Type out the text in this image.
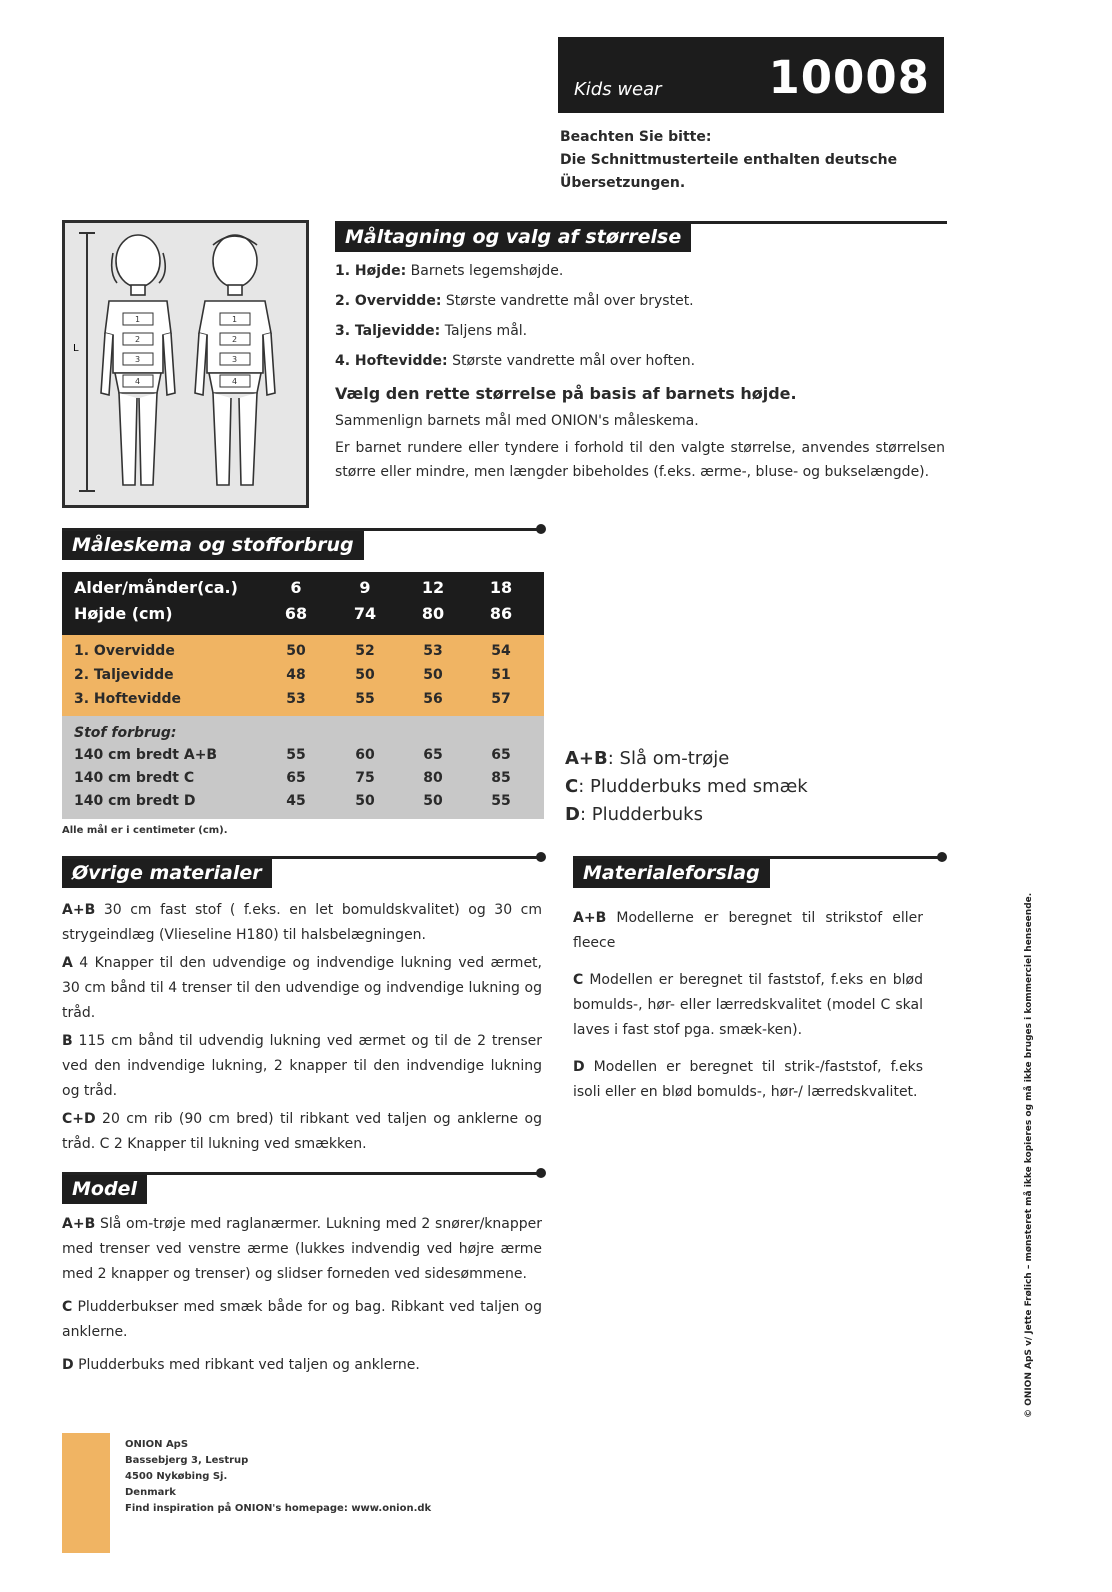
Kids wear 10008
Beachten Sie bitte:
Die Schnittmusterteile enthalten deutsche
Übersetzungen.
L
1
2
3
4
1
2
3
4
Måltagning og valg af størrelse
1. Højde: Barnets legemshøjde.
2. Overvidde: Største vandrette mål over brystet.
3. Taljevidde: Taljens mål.
4. Hoftevidde: Største vandrette mål over hoften.
Vælg den rette størrelse på basis af barnets højde.
Sammenlign barnets mål med ONION's måleskema.
Er barnet rundere eller tyndere i forhold til den valgte størrelse, anvendes størrelsen større eller mindre, men længder bibeholdes (f.eks. ærme-, bluse- og bukselængde).
Måleskema og stofforbrug
Alder/månder(ca.)	6	9	12	18
Højde (cm)	68	74	80	86
1. Overvidde	50	52	53	54
2. Taljevidde	48	50	50	51
3. Hoftevidde	53	55	56	57
Stof forbrug:
140 cm bredt A+B	55	60	65	65
140 cm bredt C	65	75	80	85
140 cm bredt D	45	50	50	55
Alle mål er i centimeter (cm).
A+B: Slå om-trøje
C: Pludderbuks med smæk
D: Pludderbuks
Øvrige materialer

A+B 30 cm fast stof ( f.eks. en let bomuldskvalitet) og 30 cm strygeindlæg (Vlieseline H180) til halsbelægningen.

A 4 Knapper til den udvendige og indvendige lukning ved ærmet, 30 cm bånd til 4 trenser til den udvendige og indvendige lukning og tråd.

B 115 cm bånd til udvendig lukning ved ærmet og til de 2 trenser ved den indvendige lukning, 2 knapper til den indvendige lukning og tråd.

C+D 20 cm rib (90 cm bred) til ribkant ved taljen og anklerne og tråd. C 2 Knapper til lukning ved smækken.

Materialeforslag

A+B Modellerne er beregnet til strikstof eller fleece

C Modellen er beregnet til faststof, f.eks en blød bomulds-, hør- eller lærredskvalitet (model C skal laves i fast stof pga. smæk-ken).

D Modellen er beregnet til strik-/faststof, f.eks isoli eller en blød bomulds-, hør-/ lærredskvalitet.

Model

A+B Slå om-trøje med raglanærmer. Lukning med 2 snører/knapper med trenser ved venstre ærme (lukkes indvendig ved højre ærme med 2 knapper og trenser) og slidser forneden ved sidesømmene.

C Pludderbukser med smæk både for og bag. Ribkant ved taljen og anklerne.

D Pludderbuks med ribkant ved taljen og anklerne.

ONION ApS
Bassebjerg 3, Lestrup
4500 Nykøbing Sj.
Denmark
Find inspiration på ONION's homepage: www.onion.dk
© ONION ApS v/ Jette Frølich – mønsteret må ikke kopieres og må ikke bruges i kommerciel henseende.
